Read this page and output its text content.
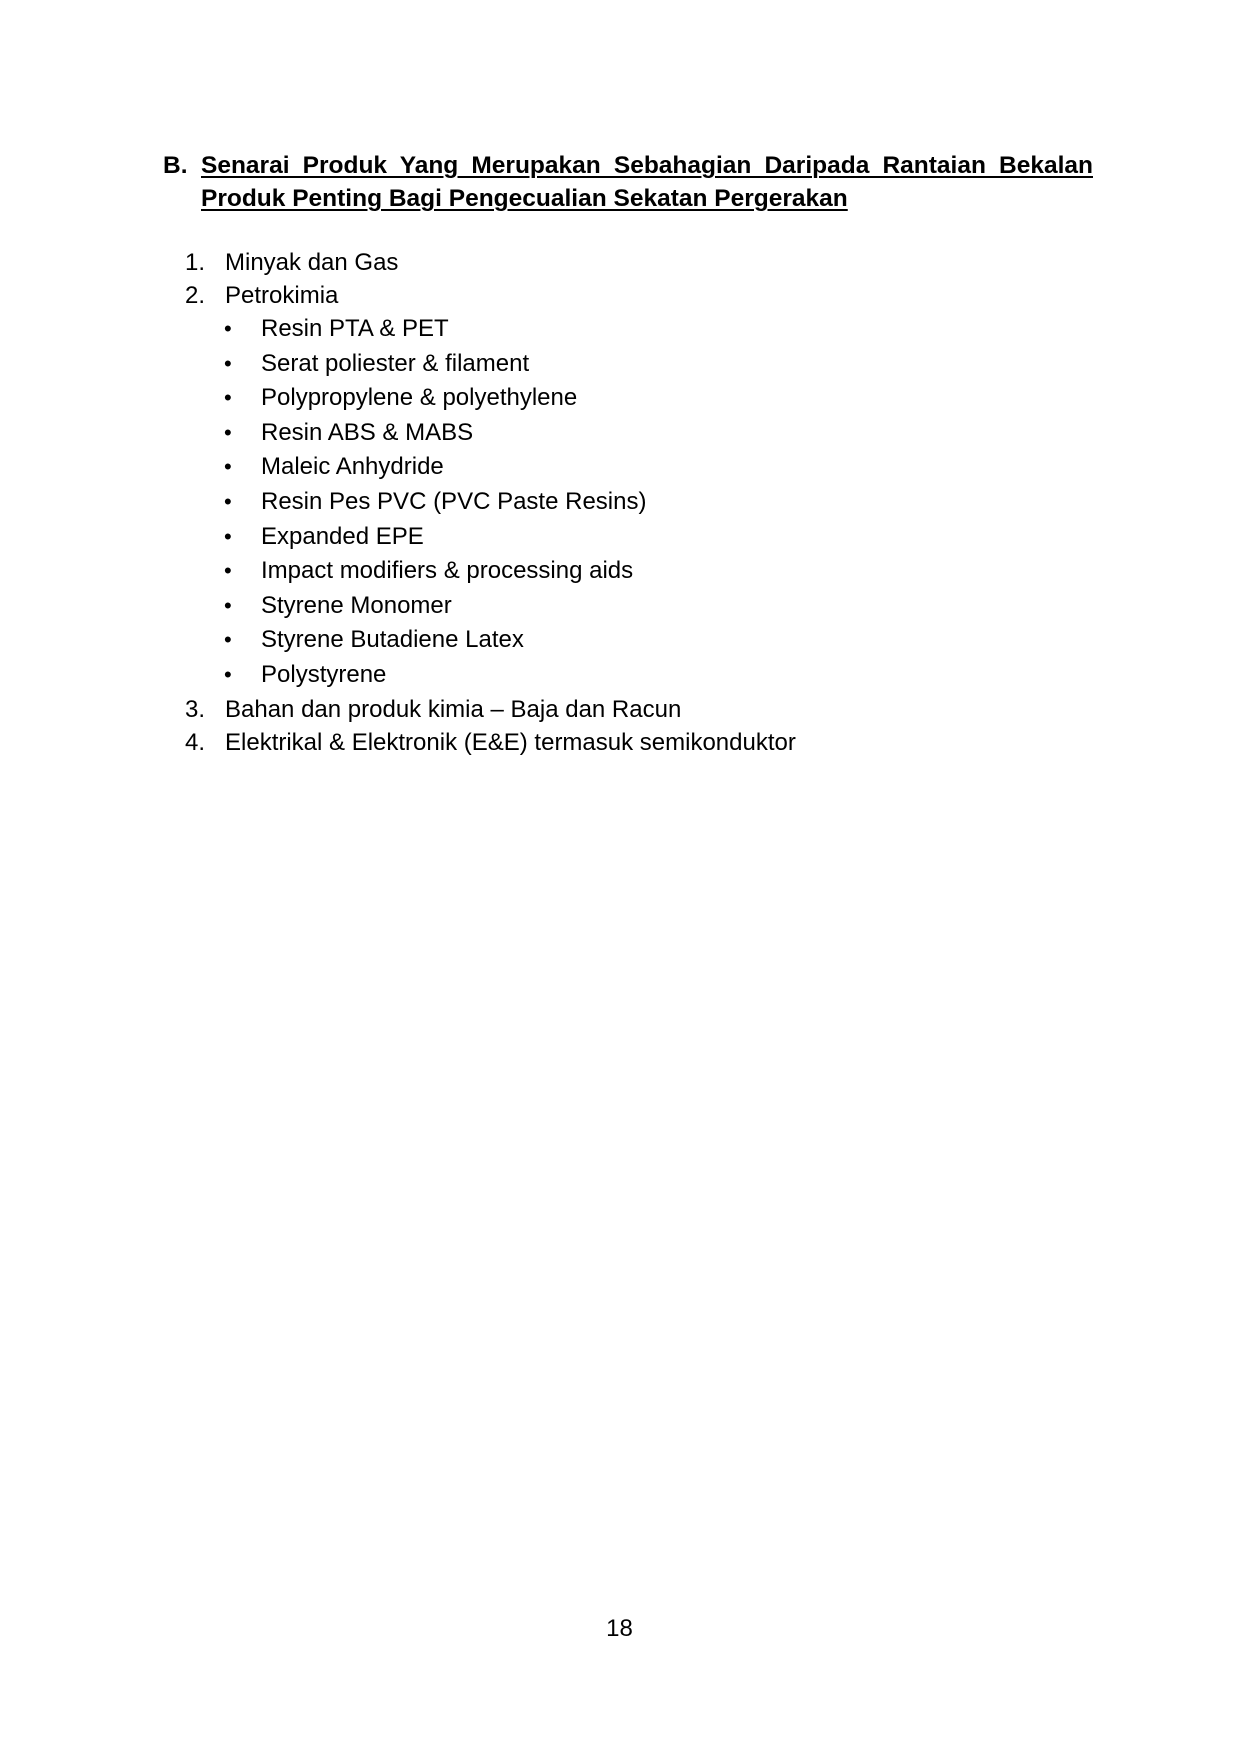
B. Senarai Produk Yang Merupakan Sebahagian Daripada Rantaian Bekalan Produk Penting Bagi Pengecualian Sekatan Pergerakan
1. Minyak dan Gas
2. Petrokimia
•	Resin PTA & PET
•	Serat poliester & filament
•	Polypropylene & polyethylene
•	Resin ABS & MABS
•	Maleic Anhydride
•	Resin Pes PVC (PVC Paste Resins)
•	Expanded EPE
•	Impact modifiers & processing aids
•	Styrene Monomer
•	Styrene Butadiene Latex
•	Polystyrene
3. Bahan dan produk kimia – Baja dan Racun
4. Elektrikal & Elektronik (E&E) termasuk semikonduktor
18
